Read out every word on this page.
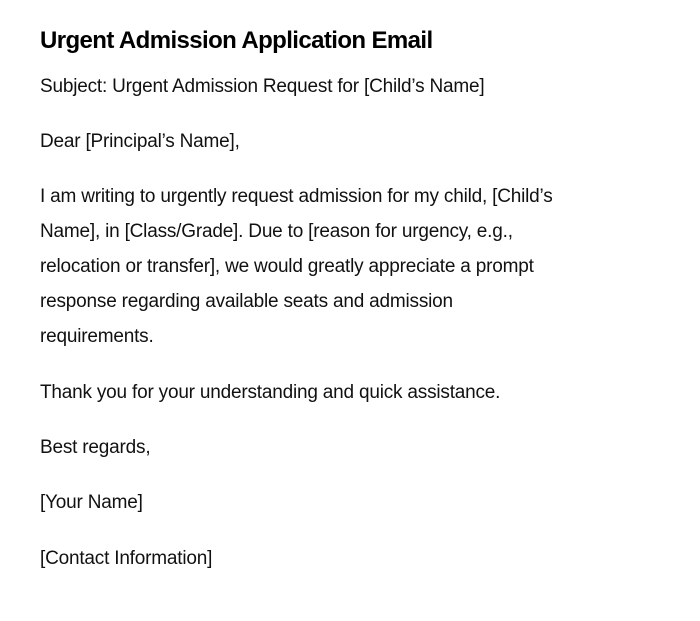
Urgent Admission Application Email

Subject: Urgent Admission Request for [Child’s Name]

Dear [Principal’s Name],

I am writing to urgently request admission for my child, [Child’s
Name], in [Class/Grade]. Due to [reason for urgency, e.g.,
relocation or transfer], we would greatly appreciate a prompt
response regarding available seats and admission
requirements.

Thank you for your understanding and quick assistance.

Best regards,

[Your Name]

[Contact Information]
